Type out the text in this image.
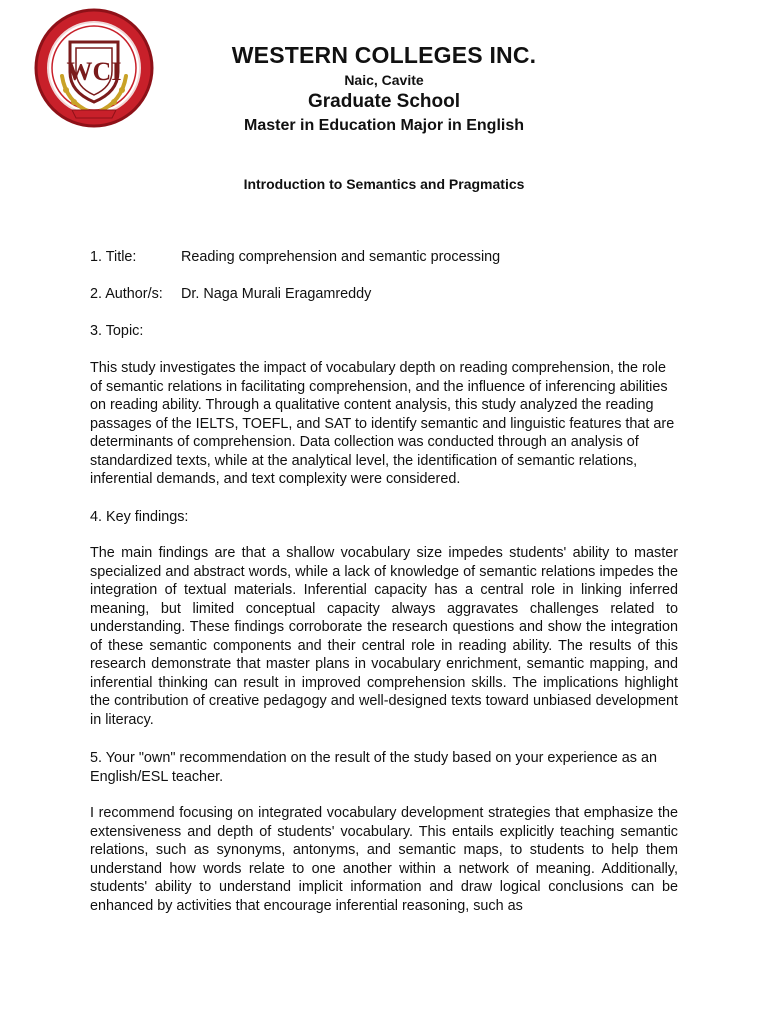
WCI
WESTERN COLLEGES INC.
Naic, Cavite
Graduate School
Master in Education Major in English
Introduction to Semantics and Pragmatics
1. Title:	Reading comprehension and semantic processing
2. Author/s:	Dr. Naga Murali Eragamreddy
3. Topic:
This study investigates the impact of vocabulary depth on reading comprehension, the role of semantic relations in facilitating comprehension, and the influence of inferencing abilities on reading ability. Through a qualitative content analysis, this study analyzed the reading passages of the IELTS, TOEFL, and SAT to identify semantic and linguistic features that are determinants of comprehension. Data collection was conducted through an analysis of standardized texts, while at the analytical level, the identification of semantic relations, inferential demands, and text complexity were considered.
4. Key findings:
The main findings are that a shallow vocabulary size impedes students' ability to master specialized and abstract words, while a lack of knowledge of semantic relations impedes the integration of textual materials. Inferential capacity has a central role in linking inferred meaning, but limited conceptual capacity always aggravates challenges related to understanding. These findings corroborate the research questions and show the integration of these semantic components and their central role in reading ability. The results of this research demonstrate that master plans in vocabulary enrichment, semantic mapping, and inferential thinking can result in improved comprehension skills. The implications highlight the contribution of creative pedagogy and well-designed texts toward unbiased development in literacy.
5. Your "own" recommendation on the result of the study based on your experience as an English/ESL teacher.
I recommend focusing on integrated vocabulary development strategies that emphasize the extensiveness and depth of students' vocabulary. This entails explicitly teaching semantic relations, such as synonyms, antonyms, and semantic maps, to students to help them understand how words relate to one another within a network of meaning. Additionally, students' ability to understand implicit information and draw logical conclusions can be enhanced by activities that encourage inferential reasoning, such as
